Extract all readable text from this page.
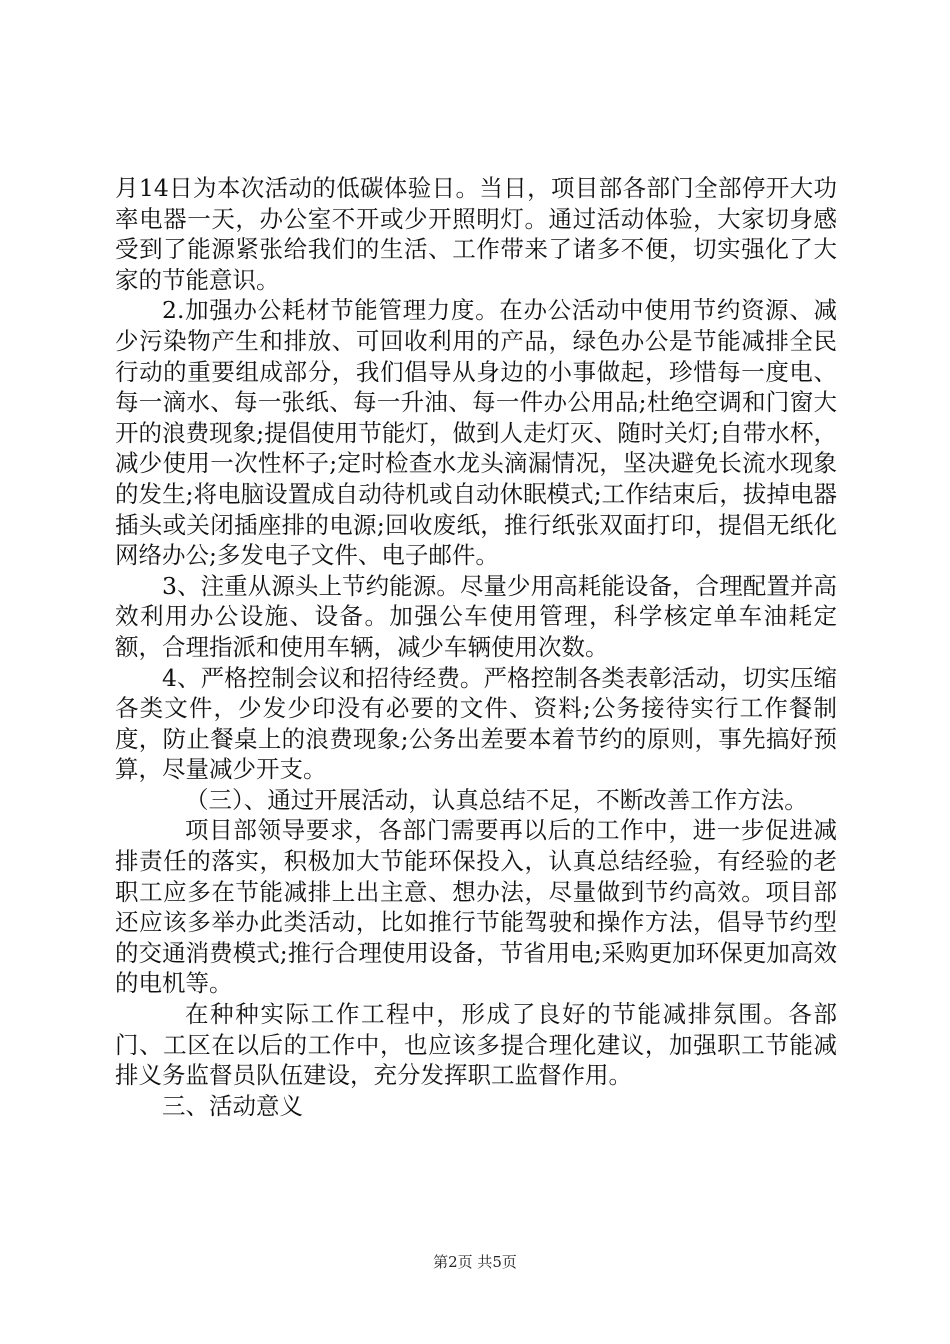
月14日为本次活动的低碳体验日。当日，项目部各部门全部停开大功率电器一天，办公室不开或少开照明灯。通过活动体验，大家切身感受到了能源紧张给我们的生活、工作带来了诸多不便，切实强化了大家的节能意识。

2.加强办公耗材节能管理力度。在办公活动中使用节约资源、减少污染物产生和排放、可回收利用的产品，绿色办公是节能减排全民行动的重要组成部分，我们倡导从身边的小事做起，珍惜每一度电、每一滴水、每一张纸、每一升油、每一件办公用品;杜绝空调和门窗大开的浪费现象;提倡使用节能灯，做到人走灯灭、随时关灯;自带水杯，减少使用一次性杯子;定时检查水龙头滴漏情况，坚决避免长流水现象的发生;将电脑设置成自动待机或自动休眠模式;工作结束后，拔掉电器插头或关闭插座排的电源;回收废纸，推行纸张双面打印，提倡无纸化网络办公;多发电子文件、电子邮件。

3、注重从源头上节约能源。尽量少用高耗能设备，合理配置并高效利用办公设施、设备。加强公车使用管理，科学核定单车油耗定额，合理指派和使用车辆，减少车辆使用次数。

4、严格控制会议和招待经费。严格控制各类表彰活动，切实压缩各类文件，少发少印没有必要的文件、资料;公务接待实行工作餐制度，防止餐桌上的浪费现象;公务出差要本着节约的原则，事先搞好预算，尽量减少开支。

（三）、通过开展活动，认真总结不足，不断改善工作方法。

项目部领导要求，各部门需要再以后的工作中，进一步促进减排责任的落实，积极加大节能环保投入，认真总结经验，有经验的老职工应多在节能减排上出主意、想办法，尽量做到节约高效。项目部还应该多举办此类活动，比如推行节能驾驶和操作方法，倡导节约型的交通消费模式;推行合理使用设备，节省用电;采购更加环保更加高效的电机等。

在种种实际工作工程中，形成了良好的节能减排氛围。各部门、工区在以后的工作中，也应该多提合理化建议，加强职工节能减排义务监督员队伍建设，充分发挥职工监督作用。

三、活动意义

第2页 共5页
